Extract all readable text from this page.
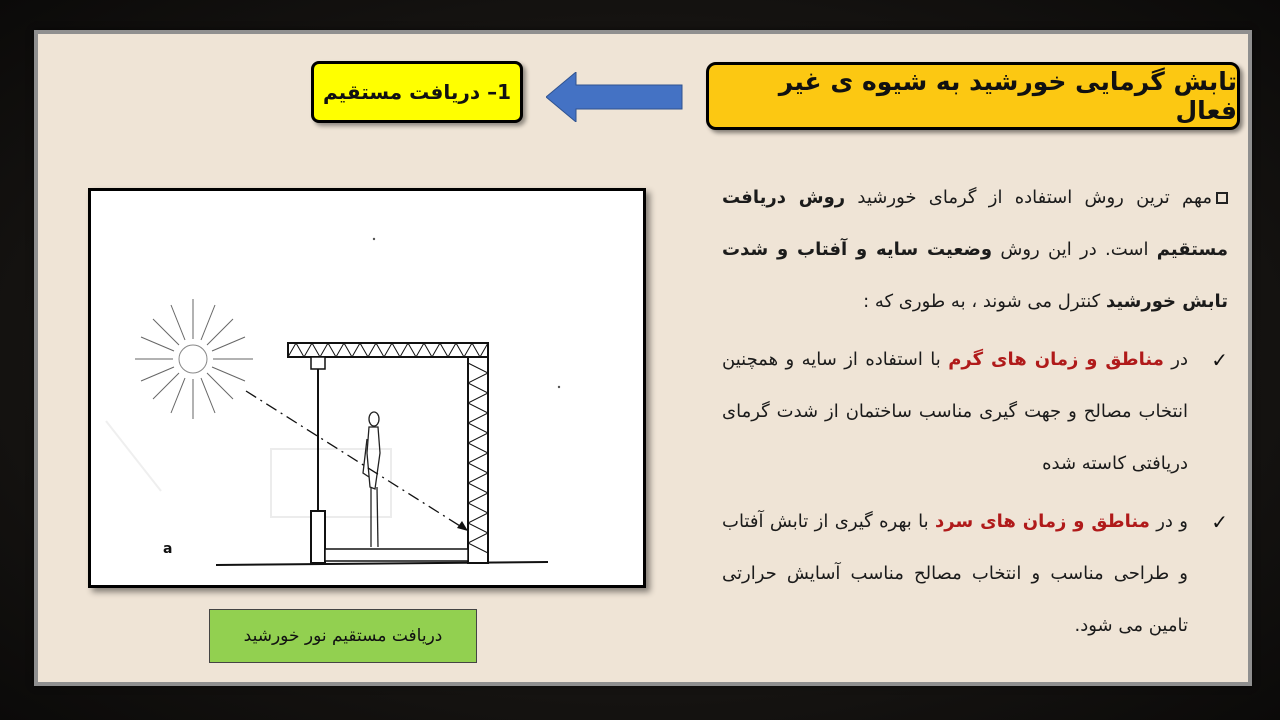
تابش گرمایی خورشید به شیوه ی غیر فعال
1– دریافت مستقیم

مهم ترین روش استفاده از گرمای خورشید روش دریافت مستقیم است. در این روش وضعیت سایه و آفتاب و شدت تابش خورشید کنترل می شوند ، به طوری که :

✓
در مناطق و زمان های گرم با استفاده از سایه و همچنین انتخاب مصالح و جهت گیری مناسب ساختمان از شدت گرمای دریافتی کاسته شده
✓
و در مناطق و زمان های سرد با بهره گیری از تابش آفتاب و طراحی مناسب و انتخاب مصالح مناسب آسایش حرارتی تامین می شود.
a
دریافت مستقیم نور خورشید
